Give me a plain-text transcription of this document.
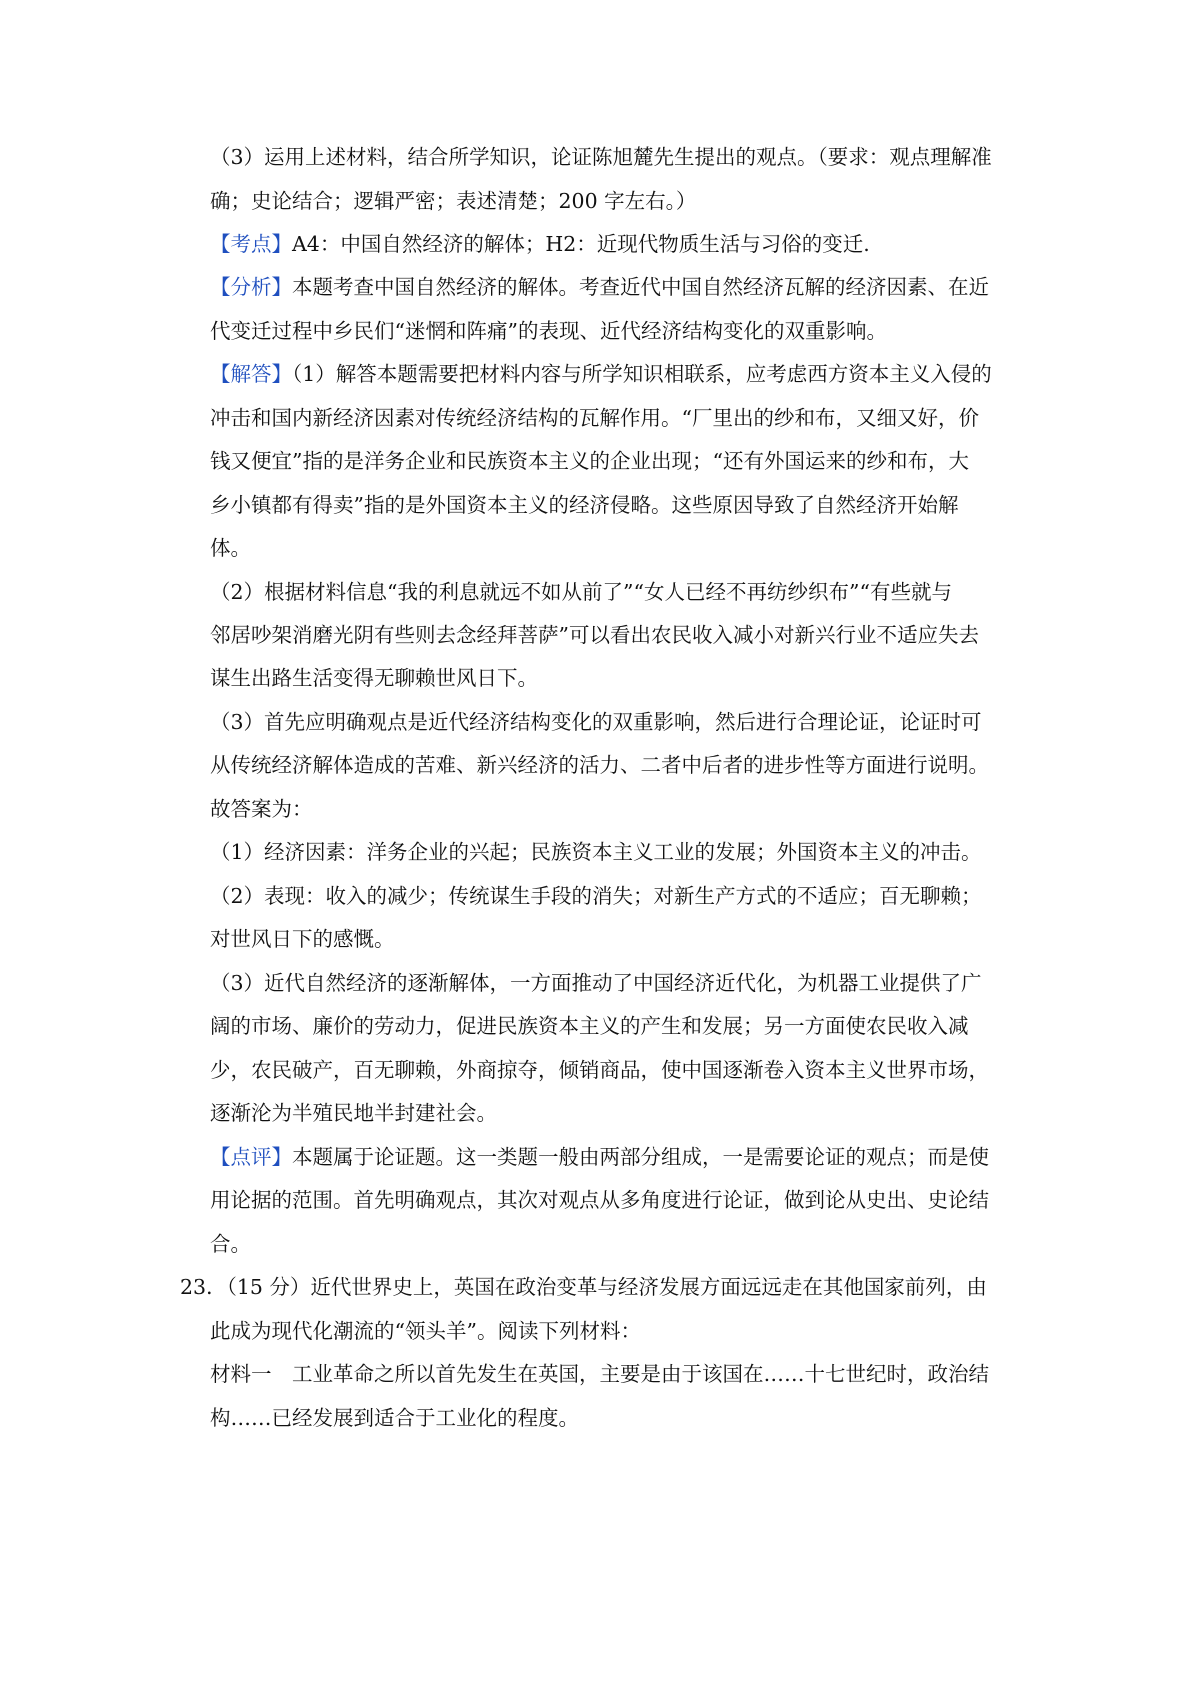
（3）运用上述材料，结合所学知识，论证陈旭麓先生提出的观点。（要求：观点理解准
确；史论结合；逻辑严密；表述清楚；200 字左右。）
【考点】A4：中国自然经济的解体；H2：近现代物质生活与习俗的变迁.
【分析】本题考查中国自然经济的解体。考查近代中国自然经济瓦解的经济因素、在近
代变迁过程中乡民们“迷惘和阵痛”的表现、近代经济结构变化的双重影响。
【解答】（1）解答本题需要把材料内容与所学知识相联系，应考虑西方资本主义入侵的
冲击和国内新经济因素对传统经济结构的瓦解作用。“厂里出的纱和布，又细又好，价
钱又便宜”指的是洋务企业和民族资本主义的企业出现；“还有外国运来的纱和布，大
乡小镇都有得卖”指的是外国资本主义的经济侵略。这些原因导致了自然经济开始解
体。
（2）根据材料信息“我的利息就远不如从前了”“女人已经不再纺纱织布”“有些就与
邻居吵架消磨光阴有些则去念经拜菩萨”可以看出农民收入减小对新兴行业不适应失去
谋生出路生活变得无聊赖世风日下。
（3）首先应明确观点是近代经济结构变化的双重影响，然后进行合理论证，论证时可
从传统经济解体造成的苦难、新兴经济的活力、二者中后者的进步性等方面进行说明。
故答案为：
（1）经济因素：洋务企业的兴起；民族资本主义工业的发展；外国资本主义的冲击。
（2）表现：收入的减少；传统谋生手段的消失；对新生产方式的不适应；百无聊赖；
对世风日下的感慨。
（3）近代自然经济的逐渐解体，一方面推动了中国经济近代化，为机器工业提供了广
阔的市场、廉价的劳动力，促进民族资本主义的产生和发展；另一方面使农民收入减
少，农民破产，百无聊赖，外商掠夺，倾销商品，使中国逐渐卷入资本主义世界市场，
逐渐沦为半殖民地半封建社会。
【点评】本题属于论证题。这一类题一般由两部分组成，一是需要论证的观点；而是使
用论据的范围。首先明确观点，其次对观点从多角度进行论证，做到论从史出、史论结
合。
23．（15 分）近代世界史上，英国在政治变革与经济发展方面远远走在其他国家前列，由
此成为现代化潮流的“领头羊”。阅读下列材料：
材料一　工业革命之所以首先发生在英国，主要是由于该国在……十七世纪时，政治结
构……已经发展到适合于工业化的程度。
